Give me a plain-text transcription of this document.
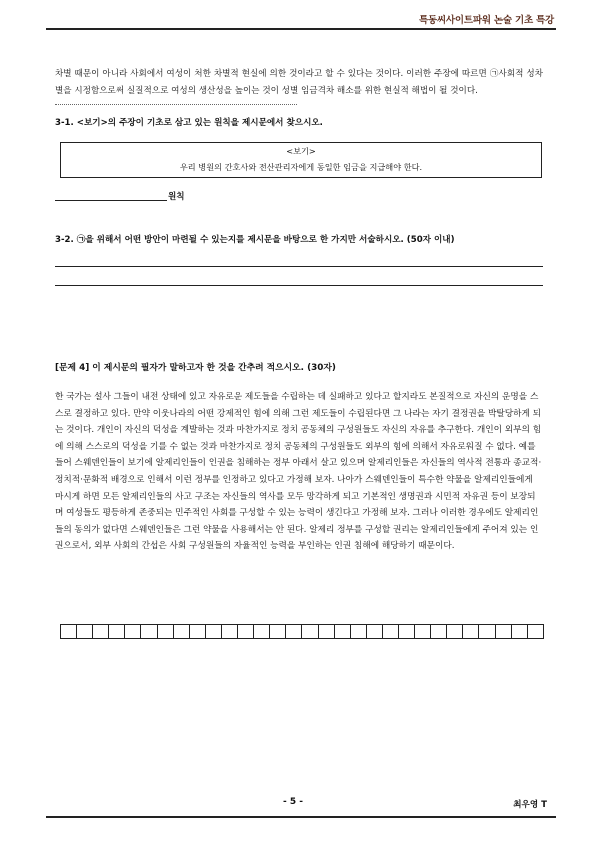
특동씨사이트파워 논술 기초 특강
차별 때문이 아니라 사회에서 여성이 처한 차별적 현실에 의한 것이라고 할 수 있다는 것이다. 이러한 주장에 따르면 ㉠사회적 성차별을 시정함으로써 실질적으로 여성의 생산성을 높이는 것이 성별 임금격차 해소를 위한 현실적 해법이 될 것이다.
3-1. <보기>의 주장이 기초로 삼고 있는 원칙을 제시문에서 찾으시오.
<보기>
우리 병원의 간호사와 전산관리자에게 동일한 임금을 지급해야 한다.
원칙
3-2. ㉠을 위해서 어떤 방안이 마련될 수 있는지를 제시문을 바탕으로 한 가지만 서술하시오. (50자 이내)
[문제 4] 이 제시문의 필자가 말하고자 한 것을 간추려 적으시오. (30자)
한 국가는 설사 그들이 내전 상태에 있고 자유로운 제도들을 수립하는 데 실패하고 있다고 할지라도 본질적으로 자신의 운명을 스스로 결정하고 있다. 만약 이웃나라의 어떤 강제적인 힘에 의해 그런 제도들이 수립된다면 그 나라는 자기 결정권을 박탈당하게 되는 것이다. 개인이 자신의 덕성을 계발하는 것과 마찬가지로 정치 공동체의 구성원들도 자신의 자유를 추구한다. 개인이 외부의 힘에 의해 스스로의 덕성을 기를 수 없는 것과 마찬가지로 정치 공동체의 구성원들도 외부의 힘에 의해서 자유로워질 수 없다. 예를 들어 스웨덴인들이 보기에 알제리인들이 인권을 침해하는 정부 아래서 살고 있으며 알제리인들은 자신들의 역사적 전통과 종교적·정치적·문화적 배경으로 인해서 이런 정부를 인정하고 있다고 가정해 보자. 나아가 스웨덴인들이 특수한 약물을 알제리인들에게 마시게 하면 모든 알제리인들의 사고 구조는 자신들의 역사를 모두 망각하게 되고 기본적인 생명권과 시민적 자유권 등이 보장되며 여성들도 평등하게 존중되는 민주적인 사회를 구성할 수 있는 능력이 생긴다고 가정해 보자. 그러나 이러한 경우에도 알제리인들의 동의가 없다면 스웨덴인들은 그런 약물을 사용해서는 안 된다. 알제리 정부를 구성할 권리는 알제리인들에게 주어져 있는 인권으로서, 외부 사회의 간섭은 사회 구성원들의 자율적인 능력을 부인하는 인권 침해에 해당하기 때문이다.
- 5 -	최우영 T
